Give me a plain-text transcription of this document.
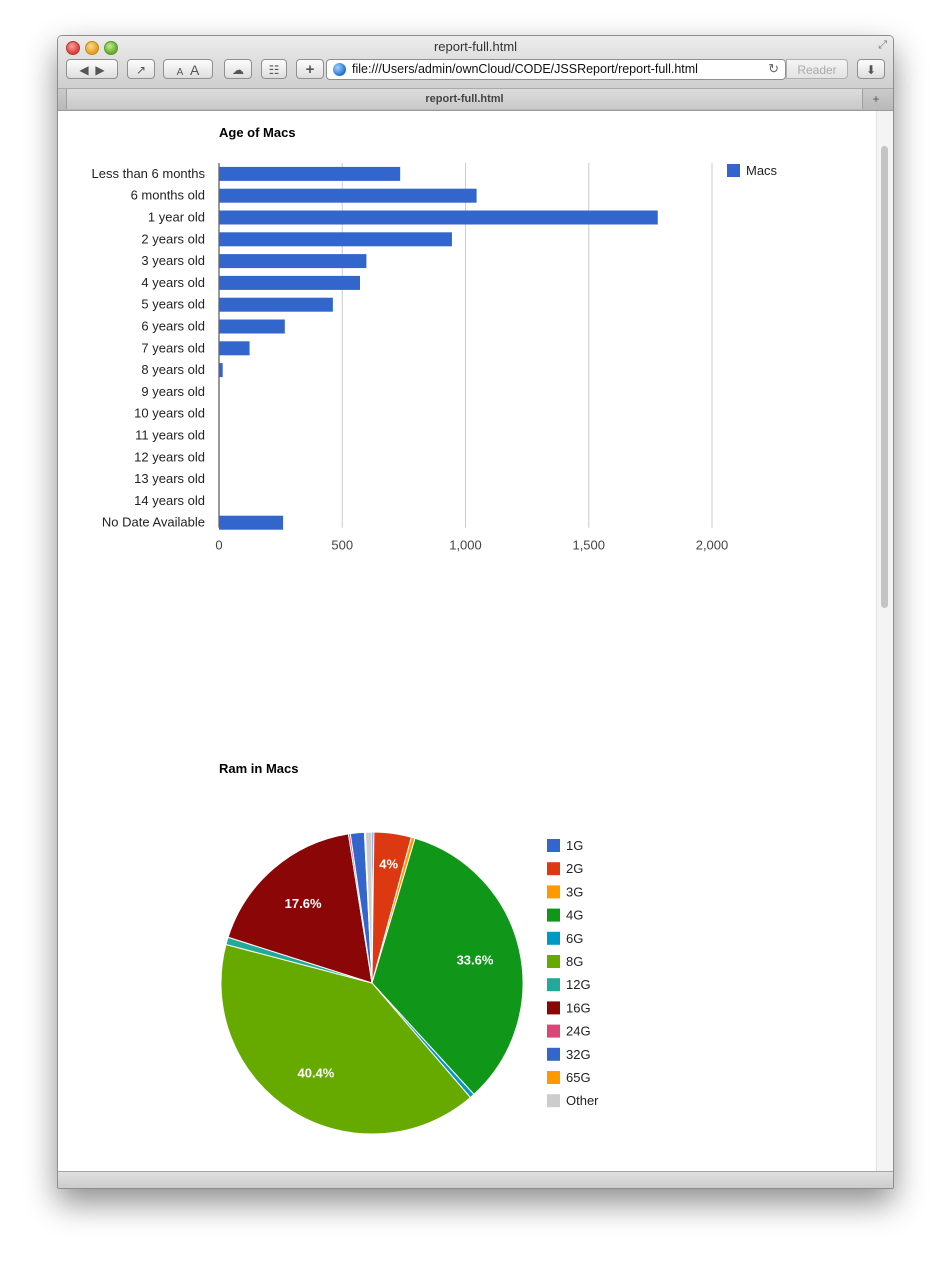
report-full.html	⤢
◀ ▶	↗	A A	☁	☷	+	file:///Users/admin/ownCloud/CODE/JSSReport/report-full.html	↻	Reader	⬇
report-full.html	+
Age of Macs
0	500	1,000	1,500	2,000
Less than 6 months
6 months old
1 year old
2 years old
3 years old
4 years old
5 years old
6 years old
7 years old
8 years old
9 years old
10 years old
11 years old
12 years old
13 years old
14 years old
No Date Available
Macs
Ram in Macs
4%
33.6%
40.4%
17.6%
1G
2G
3G
4G
6G
8G
12G
16G
24G
32G
65G
Other
